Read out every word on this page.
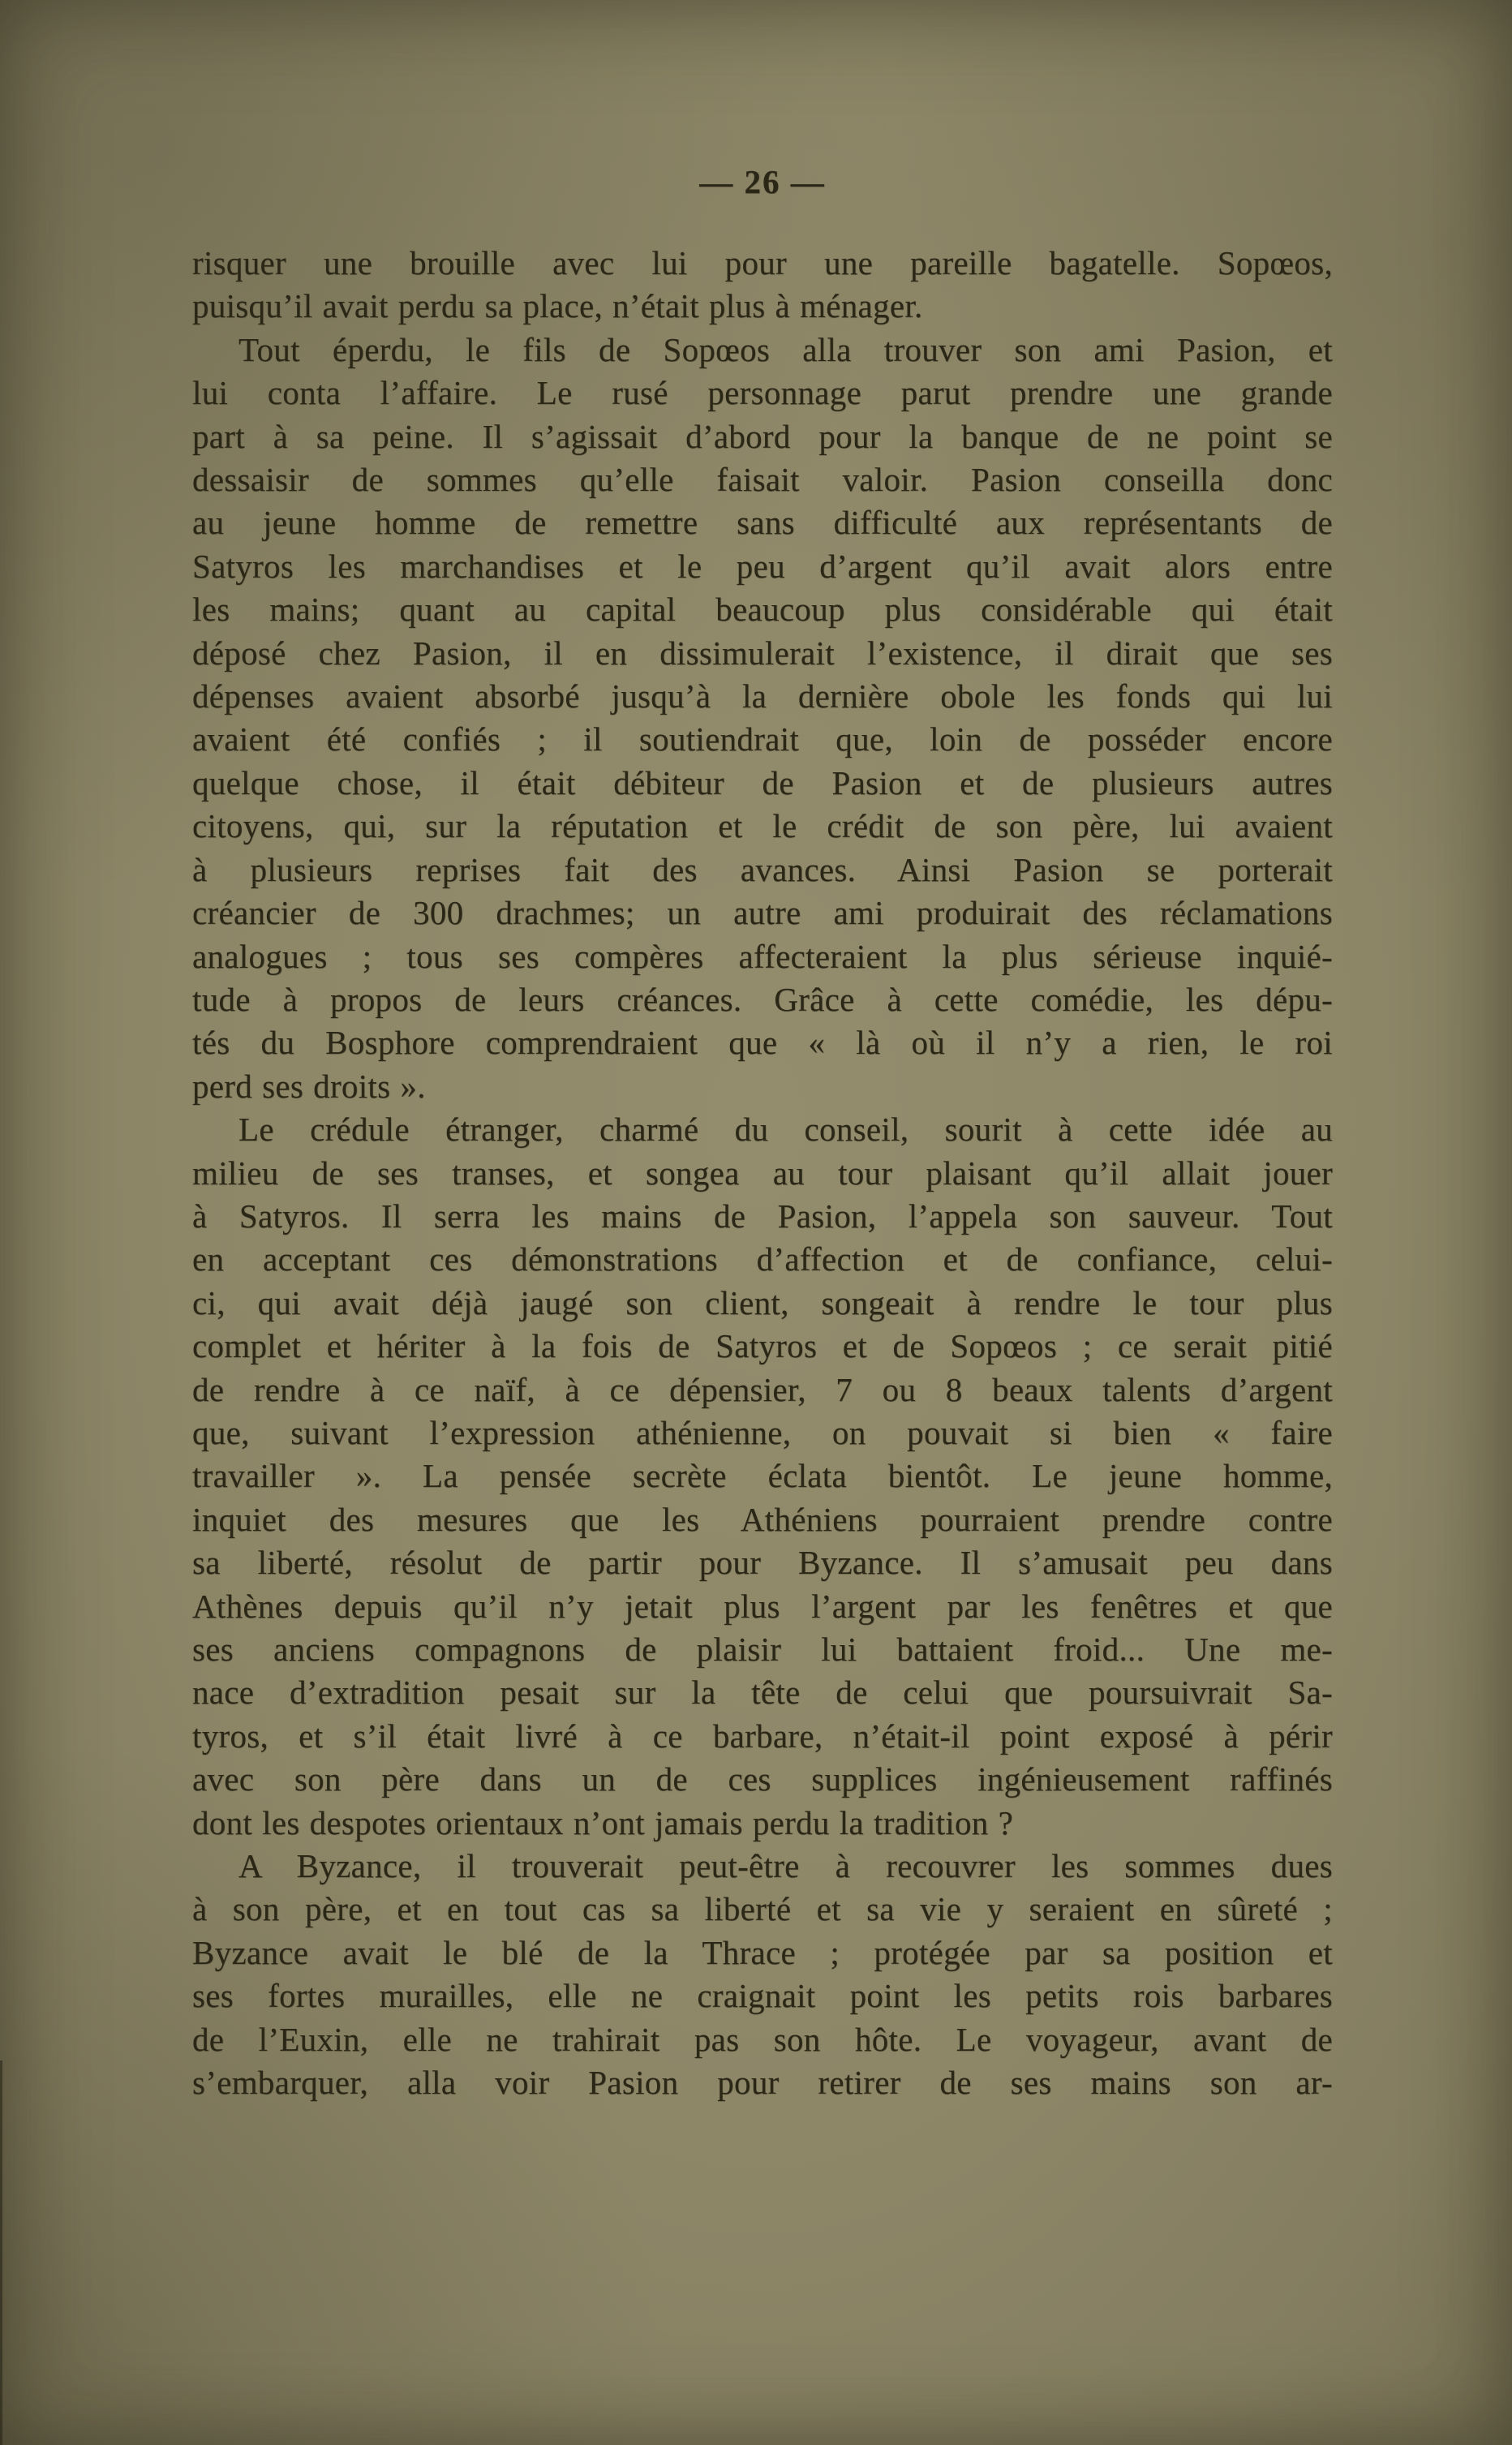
— 26 —
risquer une brouille avec lui pour une pareille bagatelle. Sopœos,
puisqu’il avait perdu sa place, n’était plus à ménager.
Tout éperdu, le fils de Sopœos alla trouver son ami Pasion, et
lui conta l’affaire. Le rusé personnage parut prendre une grande
part à sa peine. Il s’agissait d’abord pour la banque de ne point se
dessaisir de sommes qu’elle faisait valoir. Pasion conseilla donc
au jeune homme de remettre sans difficulté aux représentants de
Satyros les marchandises et le peu d’argent qu’il avait alors entre
les mains; quant au capital beaucoup plus considérable qui était
déposé chez Pasion, il en dissimulerait l’existence, il dirait que ses
dépenses avaient absorbé jusqu’à la dernière obole les fonds qui lui
avaient été confiés ; il soutiendrait que, loin de posséder encore
quelque chose, il était débiteur de Pasion et de plusieurs autres
citoyens, qui, sur la réputation et le crédit de son père, lui avaient
à plusieurs reprises fait des avances. Ainsi Pasion se porterait
créancier de 300 drachmes; un autre ami produirait des réclamations
analogues ; tous ses compères affecteraient la plus sérieuse inquié-
tude à propos de leurs créances. Grâce à cette comédie, les dépu-
tés du Bosphore comprendraient que « là où il n’y a rien, le roi
perd ses droits ».
Le crédule étranger, charmé du conseil, sourit à cette idée au
milieu de ses transes, et songea au tour plaisant qu’il allait jouer
à Satyros. Il serra les mains de Pasion, l’appela son sauveur. Tout
en acceptant ces démonstrations d’affection et de confiance, celui-
ci, qui avait déjà jaugé son client, songeait à rendre le tour plus
complet et hériter à la fois de Satyros et de Sopœos ; ce serait pitié
de rendre à ce naïf, à ce dépensier, 7 ou 8 beaux talents d’argent
que, suivant l’expression athénienne, on pouvait si bien « faire
travailler ». La pensée secrète éclata bientôt. Le jeune homme,
inquiet des mesures que les Athéniens pourraient prendre contre
sa liberté, résolut de partir pour Byzance. Il s’amusait peu dans
Athènes depuis qu’il n’y jetait plus l’argent par les fenêtres et que
ses anciens compagnons de plaisir lui battaient froid... Une me-
nace d’extradition pesait sur la tête de celui que poursuivrait Sa-
tyros, et s’il était livré à ce barbare, n’était-il point exposé à périr
avec son père dans un de ces supplices ingénieusement raffinés
dont les despotes orientaux n’ont jamais perdu la tradition ?
A Byzance, il trouverait peut-être à recouvrer les sommes dues
à son père, et en tout cas sa liberté et sa vie y seraient en sûreté ;
Byzance avait le blé de la Thrace ; protégée par sa position et
ses fortes murailles, elle ne craignait point les petits rois barbares
de l’Euxin, elle ne trahirait pas son hôte. Le voyageur, avant de
s’embarquer, alla voir Pasion pour retirer de ses mains son ar-
